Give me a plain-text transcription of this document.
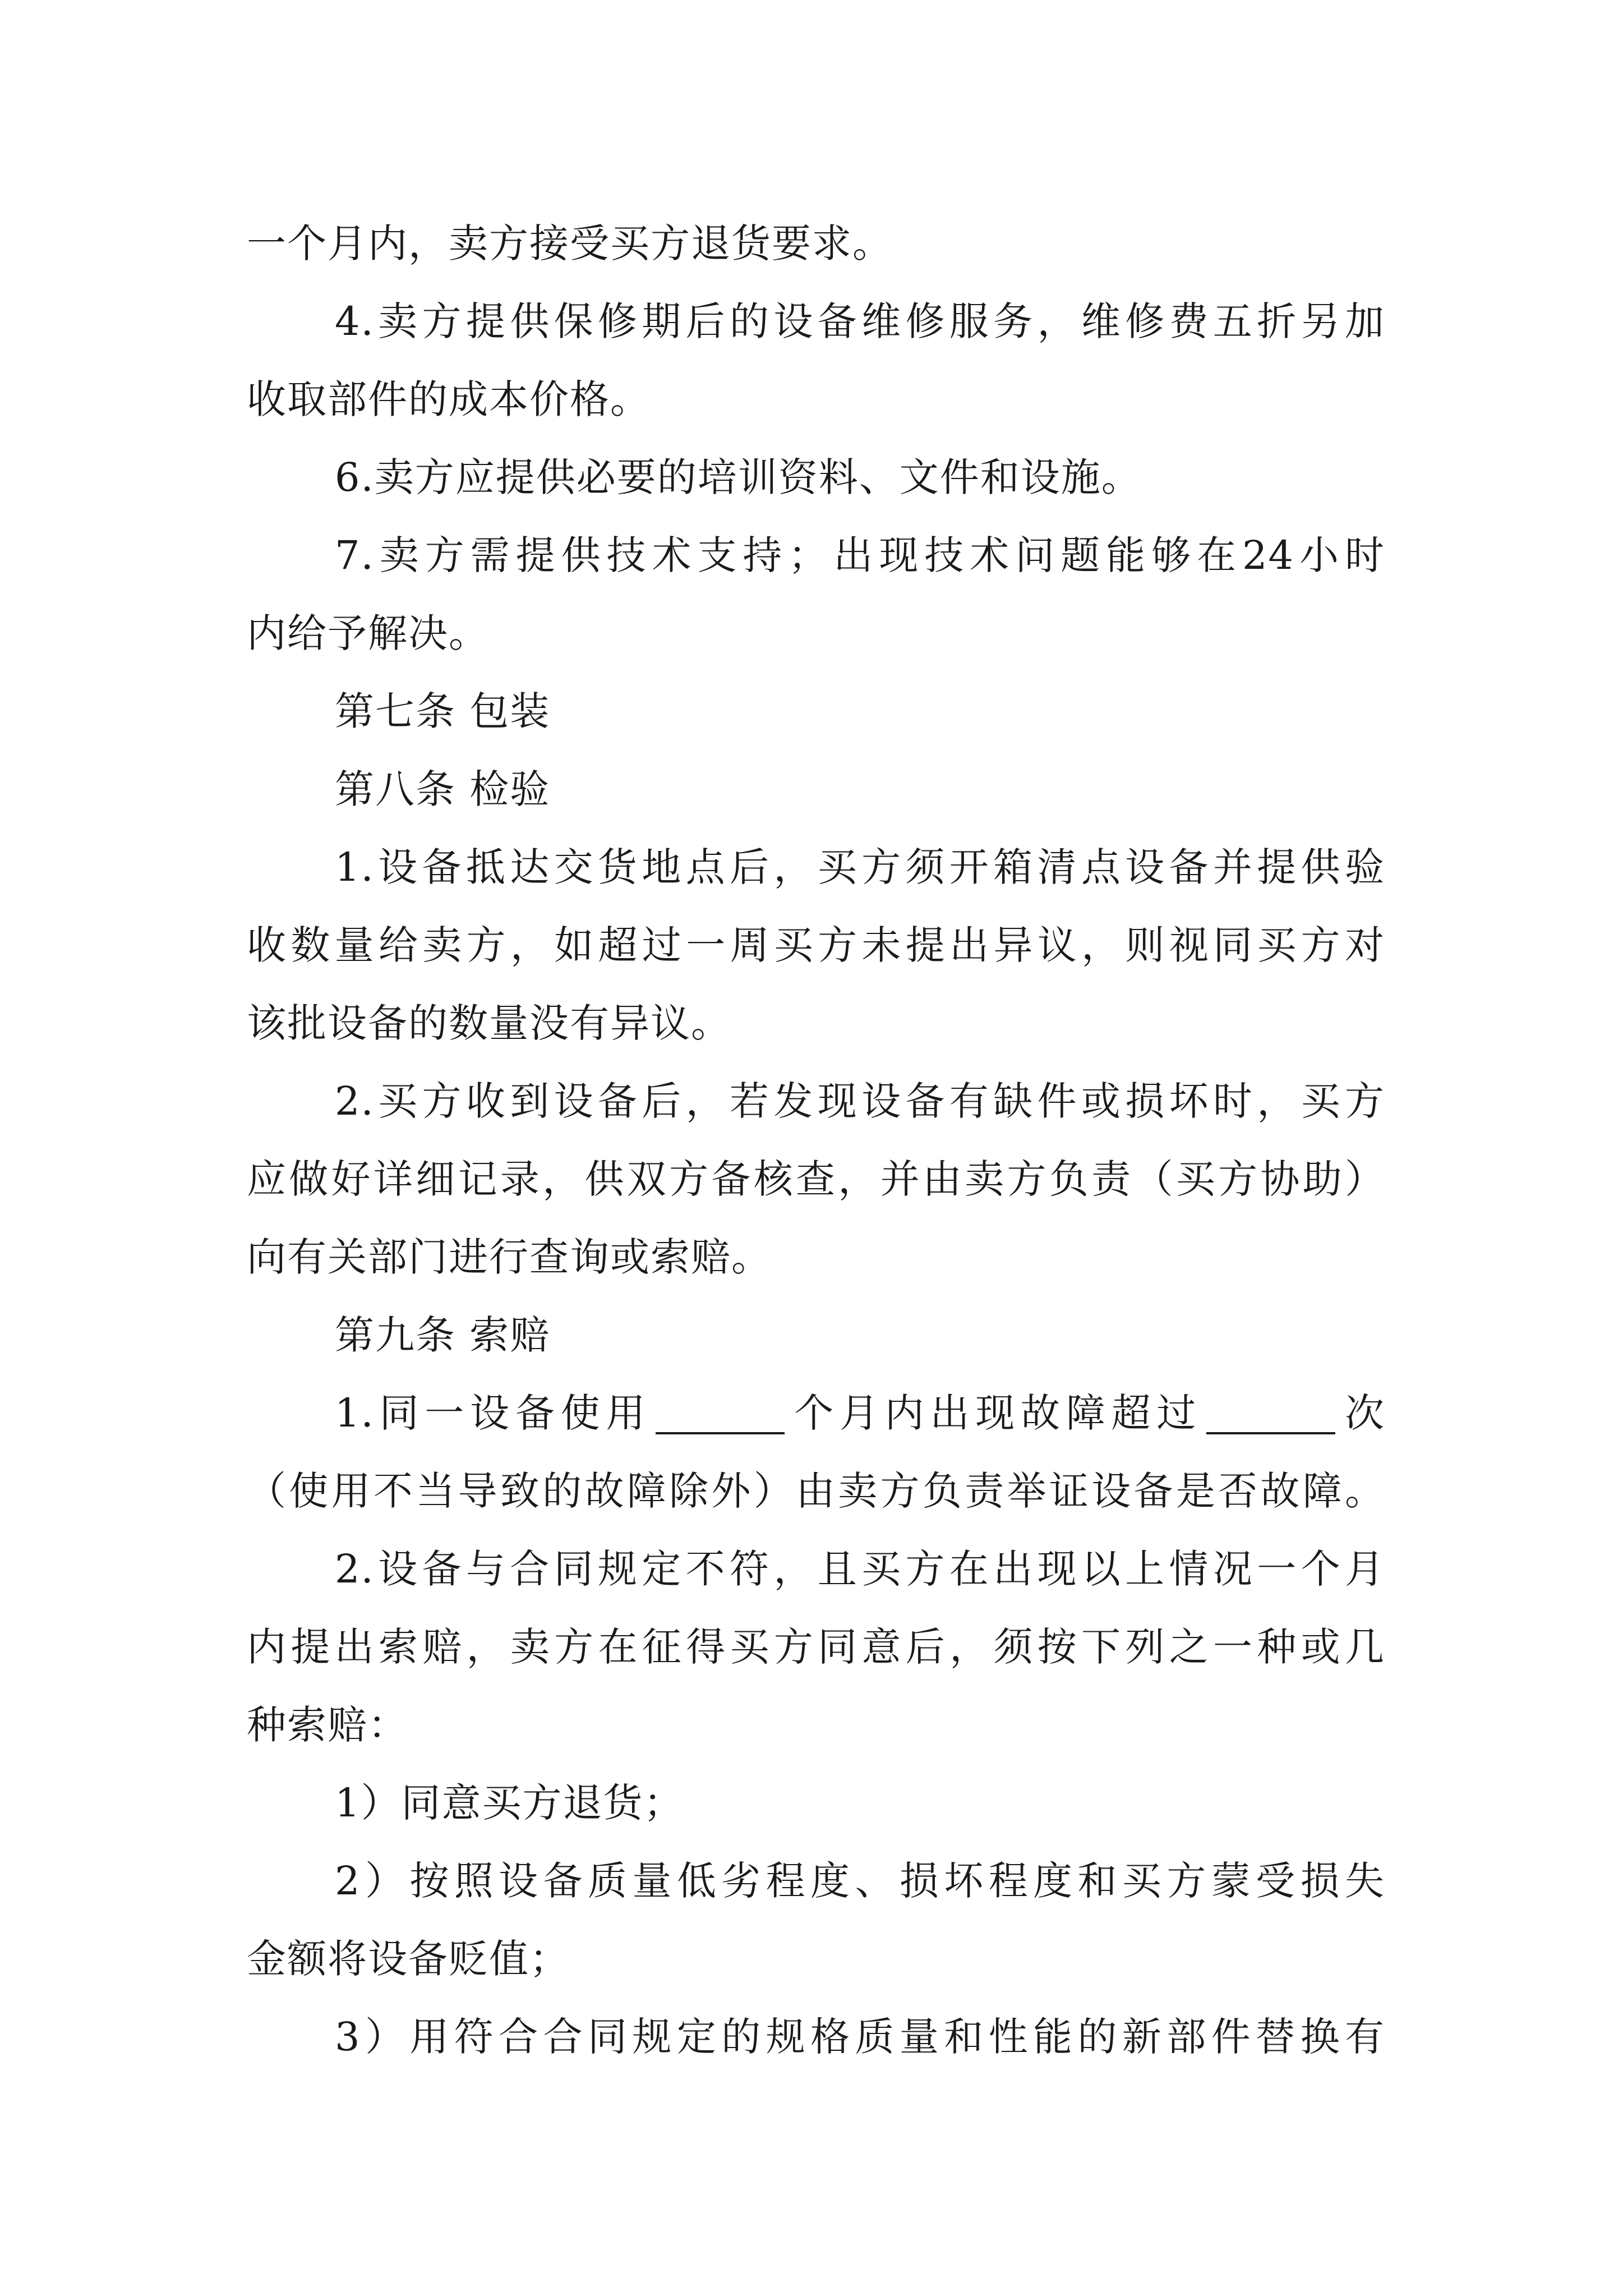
一个月内，卖方接受买方退货要求。
4.卖方提供保修期后的设备维修服务，维修费五折另加
收取部件的成本价格。
6.卖方应提供必要的培训资料、文件和设施。
7.卖方需提供技术支持；出现技术问题能够在24小时
内给予解决。
第七条 包装
第八条 检验
1.设备抵达交货地点后，买方须开箱清点设备并提供验
收数量给卖方，如超过一周买方未提出异议，则视同买方对
该批设备的数量没有异议。
2.买方收到设备后，若发现设备有缺件或损坏时，买方
应做好详细记录，供双方备核查，并由卖方负责（买方协助）
向有关部门进行查询或索赔。
第九条 索赔
1.同一设备使用	个月内出现故障超过	次
（使用不当导致的故障除外）由卖方负责举证设备是否故障。
2.设备与合同规定不符，且买方在出现以上情况一个月
内提出索赔，卖方在征得买方同意后，须按下列之一种或几
种索赔：
1）同意买方退货；
2）按照设备质量低劣程度、损坏程度和买方蒙受损失
金额将设备贬值；
3）用符合合同规定的规格质量和性能的新部件替换有
